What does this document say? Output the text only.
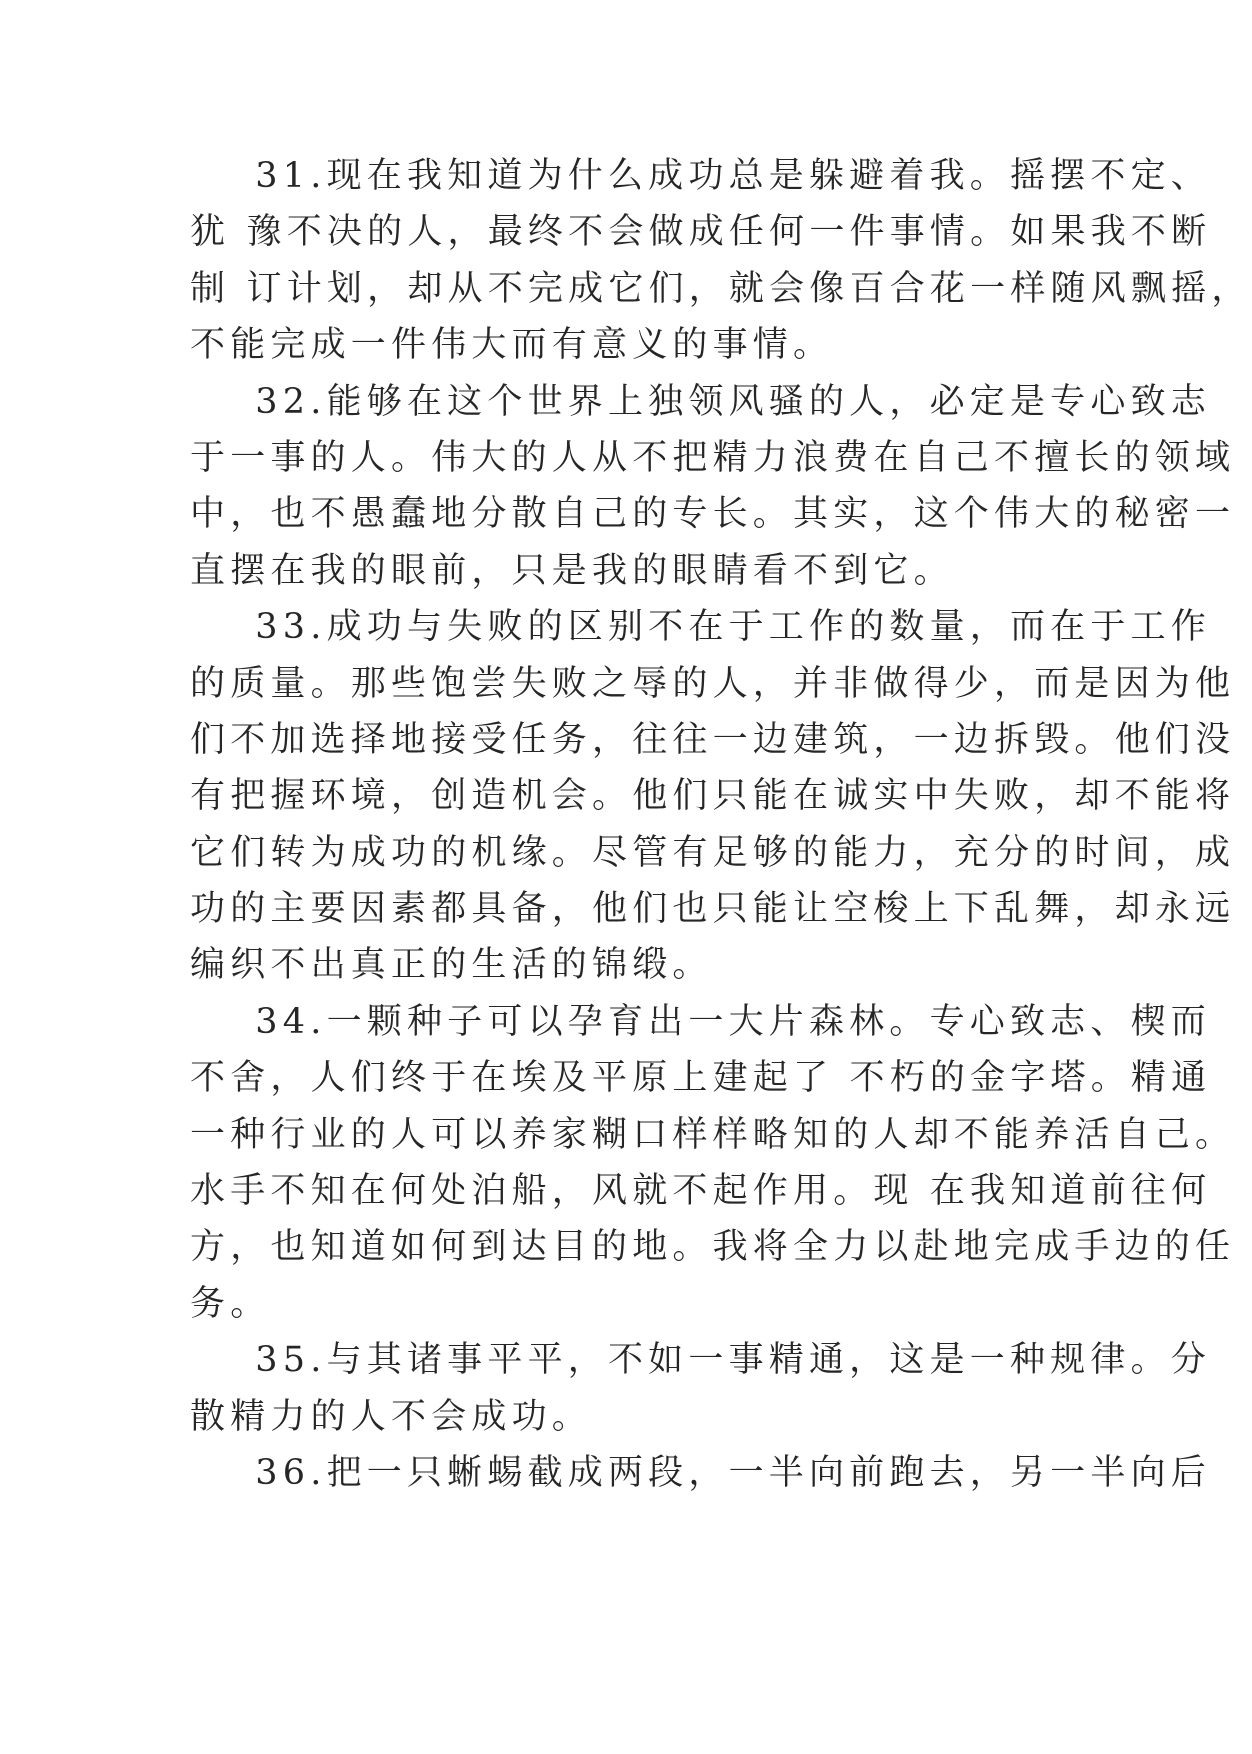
31.现在我知道为什么成功总是躲避着我。摇摆不定、
犹 豫不决的人，最终不会做成任何一件事情。如果我不断
制 订计划，却从不完成它们，就会像百合花一样随风飘摇，
不能完成一件伟大而有意义的事情。
32.能够在这个世界上独领风骚的人，必定是专心致志
于一事的人。伟大的人从不把精力浪费在自己不擅长的领域
中，也不愚蠢地分散自己的专长。其实，这个伟大的秘密一
直摆在我的眼前，只是我的眼睛看不到它。
33.成功与失败的区别不在于工作的数量，而在于工作
的质量。那些饱尝失败之辱的人，并非做得少，而是因为他
们不加选择地接受任务，往往一边建筑，一边拆毁。他们没
有把握环境，创造机会。他们只能在诚实中失败，却不能将
它们转为成功的机缘。尽管有足够的能力，充分的时间，成
功的主要因素都具备，他们也只能让空梭上下乱舞，却永远
编织不出真正的生活的锦缎。
34.一颗种子可以孕育出一大片森林。专心致志、楔而
不舍，人们终于在埃及平原上建起了 不朽的金字塔。精通
一种行业的人可以养家糊口样样略知的人却不能养活自己。
水手不知在何处泊船，风就不起作用。现 在我知道前往何
方，也知道如何到达目的地。我将全力以赴地完成手边的任
务。
35.与其诸事平平，不如一事精通，这是一种规律。分
散精力的人不会成功。
36.把一只蜥蜴截成两段，一半向前跑去，另一半向后
